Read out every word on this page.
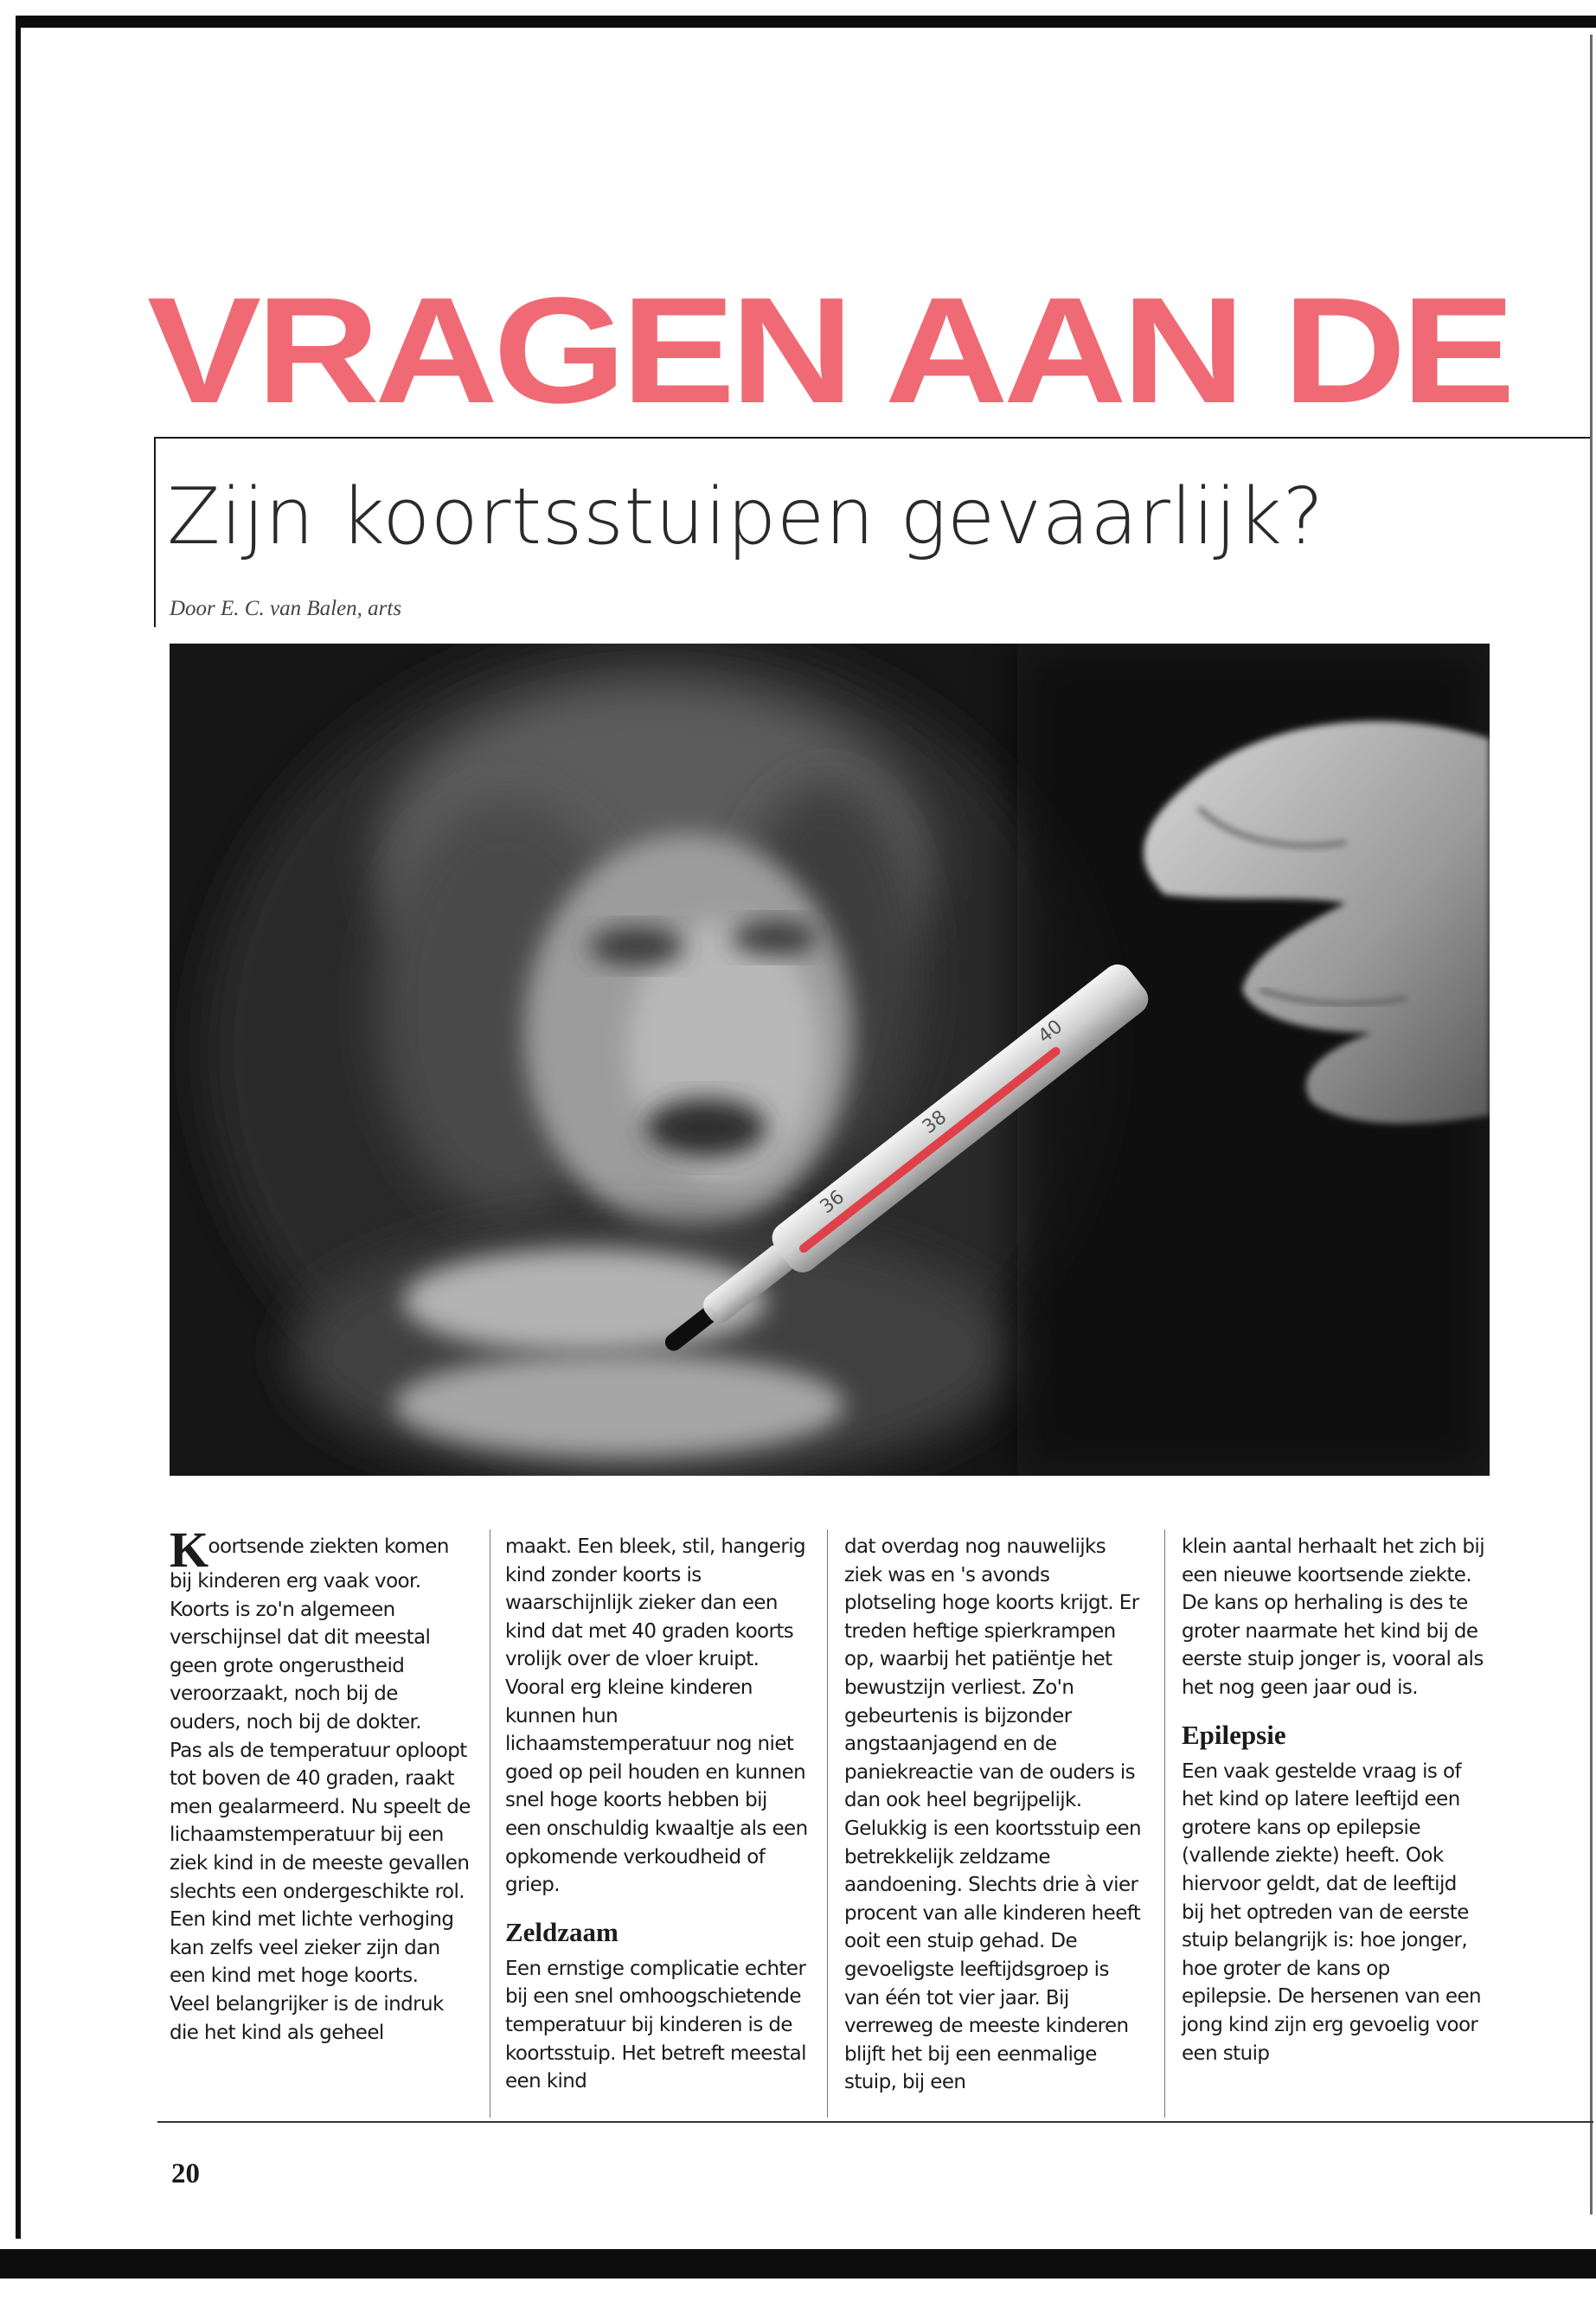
VRAGEN AAN DE
Zijn koortsstuipen gevaarlijk?
Door E. C. van Balen, arts
36
38
40

Koortsende ziekten komen bij kinderen erg vaak voor. Koorts is zo'n algemeen verschijnsel dat dit meestal geen grote ongerustheid veroorzaakt, noch bij de ouders, noch bij de dokter.

Pas als de temperatuur oploopt tot boven de 40 graden, raakt men gealarmeerd. Nu speelt de lichaamstemperatuur bij een ziek kind in de meeste gevallen slechts een ondergeschikte rol. Een kind met lichte verhoging kan zelfs veel zieker zijn dan een kind met hoge koorts.

Veel belangrijker is de indruk die het kind als geheel

maakt. Een bleek, stil, hangerig kind zonder koorts is waarschijnlijk zieker dan een kind dat met 40 graden koorts vrolijk over de vloer kruipt. Vooral erg kleine kinderen kunnen hun lichaamstemperatuur nog niet goed op peil houden en kunnen snel hoge koorts hebben bij een onschuldig kwaaltje als een opkomende verkoudheid of griep.

Zeldzaam

Een ernstige complicatie echter bij een snel omhoogschietende temperatuur bij kinderen is de koortsstuip. Het betreft meestal een kind

dat overdag nog nauwelijks ziek was en 's avonds plotseling hoge koorts krijgt. Er treden heftige spierkrampen op, waarbij het patiëntje het bewustzijn verliest. Zo'n gebeurtenis is bijzonder angstaanjagend en de paniekreactie van de ouders is dan ook heel begrijpelijk.

Gelukkig is een koortsstuip een betrekkelijk zeldzame aandoening. Slechts drie à vier procent van alle kinderen heeft ooit een stuip gehad. De gevoeligste leeftijdsgroep is van één tot vier jaar. Bij verreweg de meeste kinderen blijft het bij een eenmalige stuip, bij een

klein aantal herhaalt het zich bij een nieuwe koortsende ziekte. De kans op herhaling is des te groter naarmate het kind bij de eerste stuip jonger is, vooral als het nog geen jaar oud is.

Epilepsie

Een vaak gestelde vraag is of het kind op latere leeftijd een grotere kans op epilepsie (vallende ziekte) heeft. Ook hiervoor geldt, dat de leeftijd bij het optreden van de eerste stuip belangrijk is: hoe jonger, hoe groter de kans op epilepsie. De hersenen van een jong kind zijn erg gevoelig voor een stuip

20
